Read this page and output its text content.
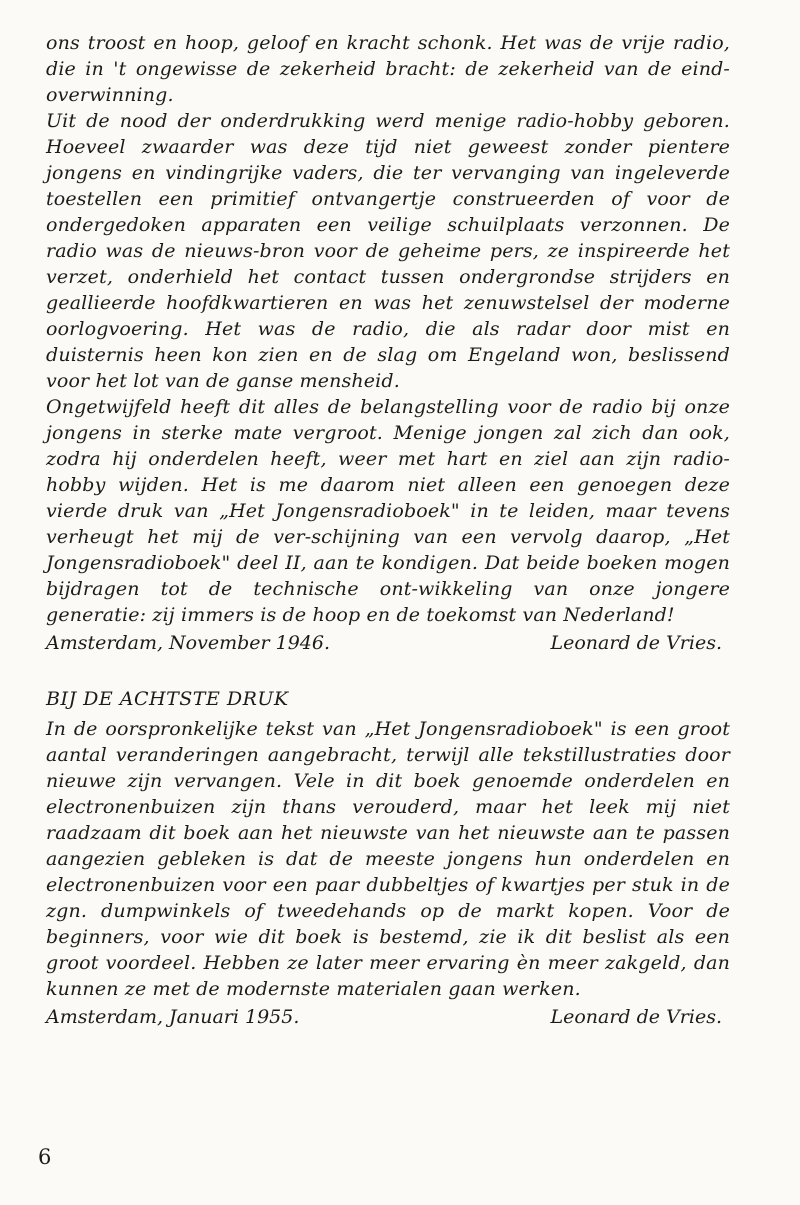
ons troost en hoop, geloof en kracht schonk. Het was de vrije radio, die in 't ongewisse de zekerheid bracht: de zekerheid van de eind-overwinning.

Uit de nood der onderdrukking werd menige radio-hobby geboren. Hoeveel zwaarder was deze tijd niet geweest zonder pientere jongens en vindingrijke vaders, die ter vervanging van ingeleverde toestellen een primitief ontvangertje construeerden of voor de ondergedoken apparaten een veilige schuilplaats verzonnen. De radio was de nieuws-bron voor de geheime pers, ze inspireerde het verzet, onderhield het contact tussen ondergrondse strijders en geallieerde hoofdkwartieren en was het zenuwstelsel der moderne oorlogvoering. Het was de radio, die als radar door mist en duisternis heen kon zien en de slag om Engeland won, beslissend voor het lot van de ganse mensheid.

Ongetwijfeld heeft dit alles de belangstelling voor de radio bij onze jongens in sterke mate vergroot. Menige jongen zal zich dan ook, zodra hij onderdelen heeft, weer met hart en ziel aan zijn radio-hobby wijden. Het is me daarom niet alleen een genoegen deze vierde druk van „Het Jongensradioboek" in te leiden, maar tevens verheugt het mij de ver-schijning van een vervolg daarop, „Het Jongensradioboek" deel II, aan te kondigen. Dat beide boeken mogen bijdragen tot de technische ont-wikkeling van onze jongere generatie: zij immers is de hoop en de toekomst van Nederland!

Amsterdam, November 1946.	Leonard de Vries.
BIJ DE ACHTSTE DRUK

In de oorspronkelijke tekst van „Het Jongensradioboek" is een groot aantal veranderingen aangebracht, terwijl alle tekstillustraties door nieuwe zijn vervangen. Vele in dit boek genoemde onderdelen en electronenbuizen zijn thans verouderd, maar het leek mij niet raadzaam dit boek aan het nieuwste van het nieuwste aan te passen aangezien gebleken is dat de meeste jongens hun onderdelen en electronenbuizen voor een paar dubbeltjes of kwartjes per stuk in de zgn. dumpwinkels of tweedehands op de markt kopen. Voor de beginners, voor wie dit boek is bestemd, zie ik dit beslist als een groot voordeel. Hebben ze later meer ervaring èn meer zakgeld, dan kunnen ze met de modernste materialen gaan werken.

Amsterdam, Januari 1955.	Leonard de Vries.
6
